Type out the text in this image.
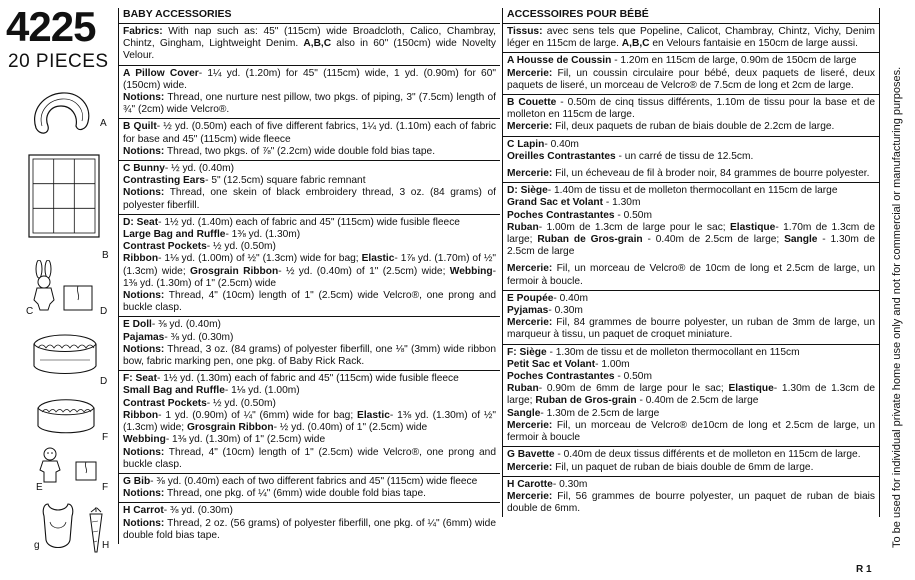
4225
20 PIECES
A
B
C	D
D
F
E	F
g	H
BABY ACCESSORIES

Fabrics: With nap such as: 45" (115cm) wide Broadcloth, Calico, Chambray, Chintz, Gingham, Lightweight Denim. A,B,C also in 60" (150cm) wide Novelty Velour.

A Pillow Cover- 1¼ yd. (1.20m) for 45" (115cm) wide, 1 yd. (0.90m) for 60" (150cm) wide.

Notions: Thread, one nurture nest pillow, two pkgs. of piping, 3" (7.5cm) length of ¾" (2cm) wide Velcro®.

B Quilt- ½ yd. (0.50m) each of five different fabrics, 1¼ yd. (1.10m) each of fabric for base and 45" (115cm) wide fleece

Notions: Thread, two pkgs. of ⅞" (2.2cm) wide double fold bias tape.

C Bunny- ½ yd. (0.40m)

Contrasting Ears- 5" (12.5cm) square fabric remnant

Notions: Thread, one skein of black embroidery thread, 3 oz. (84 grams) of polyester fiberfill.

D: Seat- 1½ yd. (1.40m) each of fabric and 45" (115cm) wide fusible fleece

Large Bag and Ruffle- 1⅜ yd. (1.30m)

Contrast Pockets- ½ yd. (0.50m)

Ribbon- 1⅛ yd. (1.00m) of ½" (1.3cm) wide for bag; Elastic- 1⅞ yd. (1.70m) of ½" (1.3cm) wide; Grosgrain Ribbon- ½ yd. (0.40m) of 1" (2.5cm) wide; Webbing- 1⅜ yd. (1.30m) of 1" (2.5cm) wide

Notions: Thread, 4" (10cm) length of 1" (2.5cm) wide Velcro®, one prong and buckle clasp.

E Doll- ⅜ yd. (0.40m)

Pajamas- ⅜ yd. (0.30m)

Notions: Thread, 3 oz. (84 grams) of polyester fiberfill, one ⅛" (3mm) wide ribbon bow, fabric marking pen, one pkg. of Baby Rick Rack.

F: Seat- 1½ yd. (1.30m) each of fabric and 45" (115cm) wide fusible fleece

Small Bag and Ruffle- 1⅛ yd. (1.00m)

Contrast Pockets- ½ yd. (0.50m)

Ribbon- 1 yd. (0.90m) of ¼" (6mm) wide for bag; Elastic- 1⅜ yd. (1.30m) of ½" (1.3cm) wide; Grosgrain Ribbon- ½ yd. (0.40m) of 1" (2.5cm) wide

Webbing- 1⅜ yd. (1.30m) of 1" (2.5cm) wide

Notions: Thread, 4" (10cm) length of 1" (2.5cm) wide Velcro®, one prong and buckle clasp.

G Bib- ⅜ yd. (0.40m) each of two different fabrics and 45" (115cm) wide fleece

Notions: Thread, one pkg. of ¼" (6mm) wide double fold bias tape.

H Carrot- ⅜ yd. (0.30m)

Notions: Thread, 2 oz. (56 grams) of polyester fiberfill, one pkg. of ¼" (6mm) wide double fold bias tape.

ACCESSOIRES POUR BÉBÉ

Tissus: avec sens tels que Popeline, Calicot, Chambray, Chintz, Vichy, Denim léger en 115cm de large. A,B,C en Velours fantaisie en 150cm de large aussi.

A Housse de Coussin - 1.20m en 115cm de large, 0.90m de 150cm de large

Mercerie: Fil, un coussin circulaire pour bébé, deux paquets de liseré, deux paquets de liseré, un morceau de Velcro® de 7.5cm de long et 2cm de large.

B Couette - 0.50m de cinq tissus différents, 1.10m de tissu pour la base et de molleton en 115cm de large.

Mercerie: Fil, deux paquets de ruban de biais double de 2.2cm de large.

C Lapin- 0.40m

Oreilles Contrastantes - un carré de tissu de 12.5cm.

Mercerie: Fil, un écheveau de fil à broder noir, 84 grammes de bourre polyester.

D: Siège- 1.40m de tissu et de molleton thermocollant en 115cm de large

Grand Sac et Volant - 1.30m

Poches Contrastantes - 0.50m

Ruban- 1.00m de 1.3cm de large pour le sac; Elastique- 1.70m de 1.3cm de large; Ruban de Gros-grain - 0.40m de 2.5cm de large; Sangle - 1.30m de 2.5cm de large

Mercerie: Fil, un morceau de Velcro® de 10cm de long et 2.5cm de large, un fermoir à boucle.

E Poupée- 0.40m

Pyjamas- 0.30m

Mercerie: Fil, 84 grammes de bourre polyester, un ruban de 3mm de large, un marqueur à tissu, un paquet de croquet miniature.

F: Siège - 1.30m de tissu et de molleton thermocollant en 115cm

Petit Sac et Volant- 1.00m

Poches Contrastantes - 0.50m

Ruban- 0.90m de 6mm de large pour le sac; Elastique- 1.30m de 1.3cm de large; Ruban de Gros-grain - 0.40m de 2.5cm de large

Sangle- 1.30m de 2.5cm de large

Mercerie: Fil, un morceau de Velcro® de10cm de long et 2.5cm de large, un fermoir à boucle

G Bavette - 0.40m de deux tissus différents et de molleton en 115cm de large.

Mercerie: Fil, un paquet de ruban de biais double de 6mm de large.

H Carotte- 0.30m

Mercerie: Fil, 56 grammes de bourre polyester, un paquet de ruban de biais double de 6mm.	To be used for individual private home use only and not for commercial or manufacturing purposes.
R 1
